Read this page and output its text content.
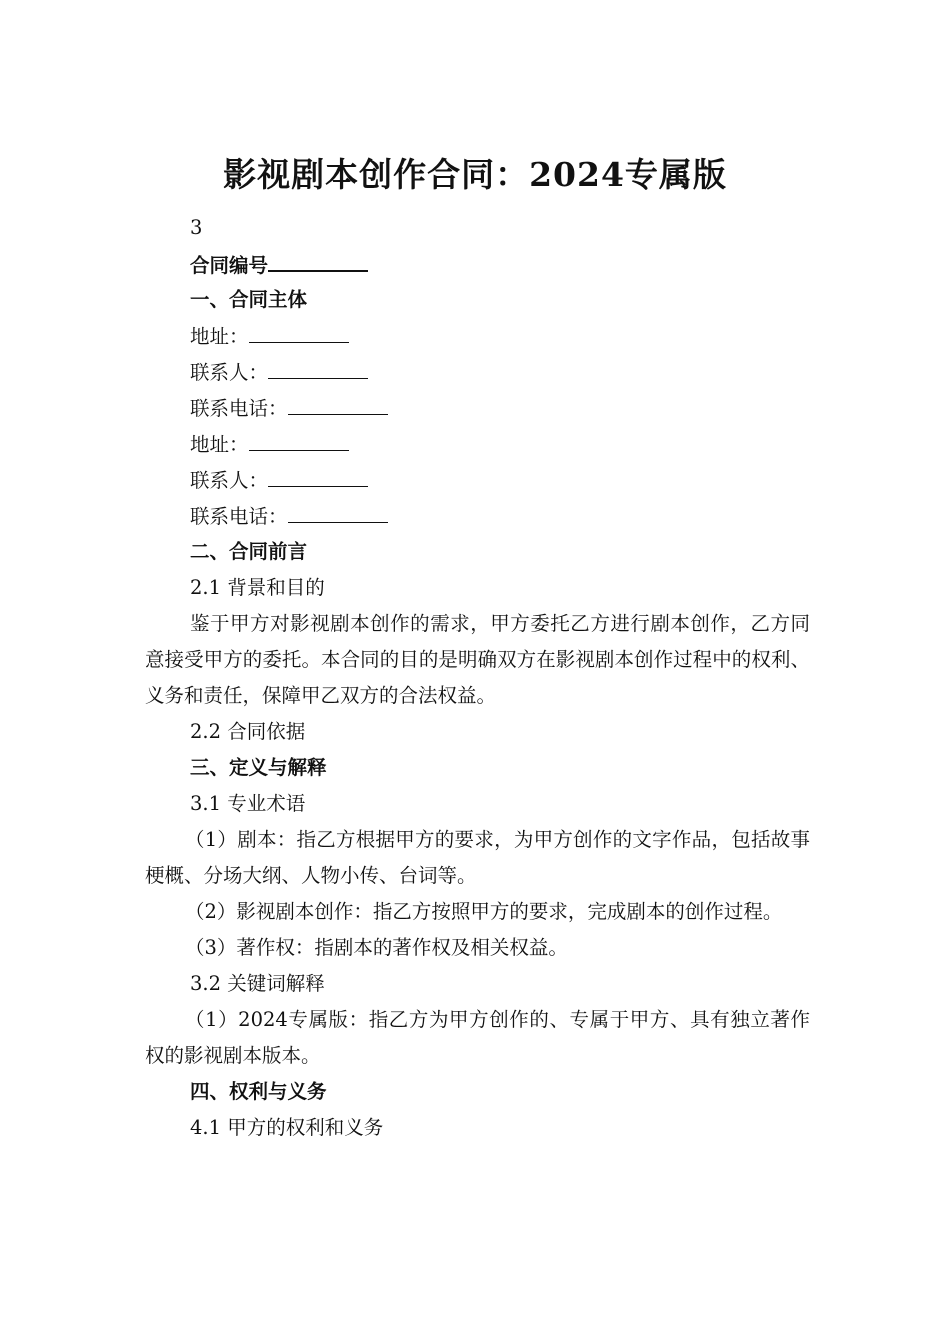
影视剧本创作合同：2024专属版
3
合同编号
一、合同主体
地址：
联系人：
联系电话：
地址：
联系人：
联系电话：
二、合同前言
2.1 背景和目的
鉴于甲方对影视剧本创作的需求，甲方委托乙方进行剧本创作，乙方同意接受甲方的委托。本合同的目的是明确双方在影视剧本创作过程中的权利、义务和责任，保障甲乙双方的合法权益。
2.2 合同依据
三、定义与解释
3.1 专业术语
（1）剧本：指乙方根据甲方的要求，为甲方创作的文字作品，包括故事梗概、分场大纲、人物小传、台词等。
（2）影视剧本创作：指乙方按照甲方的要求，完成剧本的创作过程。
（3）著作权：指剧本的著作权及相关权益。
3.2 关键词解释
（1）2024专属版：指乙方为甲方创作的、专属于甲方、具有独立著作权的影视剧本版本。
四、权利与义务
4.1 甲方的权利和义务
